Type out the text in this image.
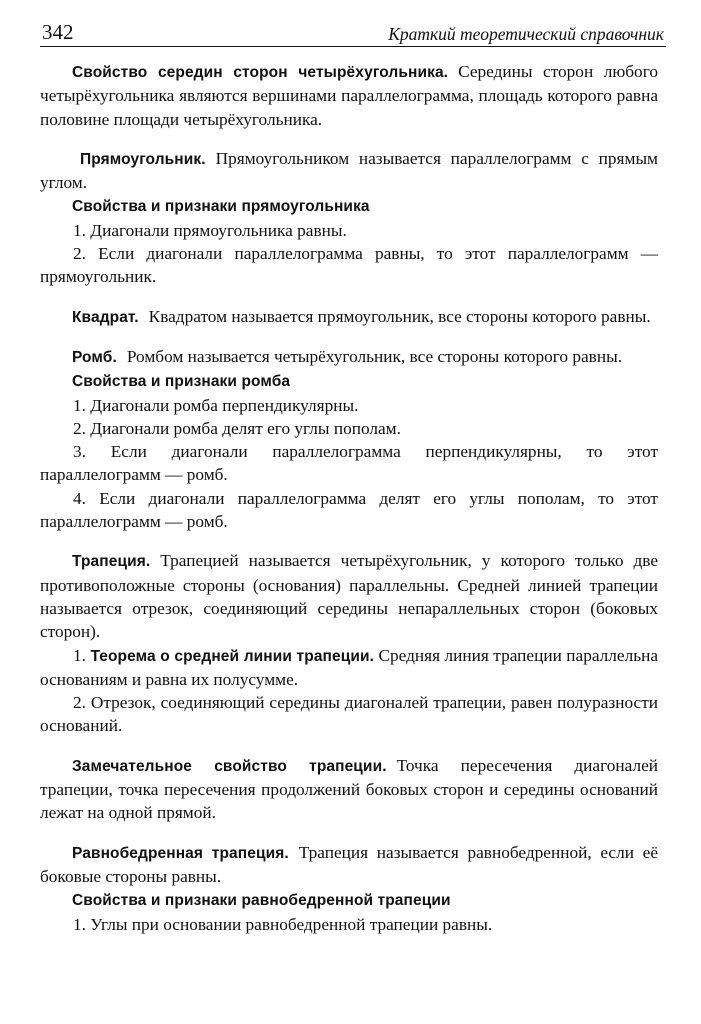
342	Краткий теоретический справочник

Свойство середин сторон четырёхугольника. Середины сторон любого четырёхугольника являются вершинами параллелограмма, площадь которого равна половине площади четырёхугольника.

Прямоугольник. Прямоугольником называется параллелограмм с прямым углом.

Свойства и признаки прямоугольника

1. Диагонали прямоугольника равны.

2. Если диагонали параллелограмма равны, то этот параллелограмм — прямоугольник.

Квадрат. Квадратом называется прямоугольник, все стороны которого равны.

Ромб. Ромбом называется четырёхугольник, все стороны которого равны.

Свойства и признаки ромба

1. Диагонали ромба перпендикулярны.

2. Диагонали ромба делят его углы пополам.

3. Если диагонали параллелограмма перпендикулярны, то этот параллелограмм — ромб.

4. Если диагонали параллелограмма делят его углы пополам, то этот параллелограмм — ромб.

Трапеция. Трапецией называется четырёхугольник, у которого только две противоположные стороны (основания) параллельны. Средней линией трапеции называется отрезок, соединяющий середины непараллельных сторон (боковых сторон).

1. Теорема о средней линии трапеции. Средняя линия трапеции параллельна основаниям и равна их полусумме.

2. Отрезок, соединяющий середины диагоналей трапеции, равен полуразности оснований.

Замечательное свойство трапеции. Точка пересечения диагоналей трапеции, точка пересечения продолжений боковых сторон и середины оснований лежат на одной прямой.

Равнобедренная трапеция. Трапеция называется равнобедренной, если её боковые стороны равны.

Свойства и признаки равнобедренной трапеции

1. Углы при основании равнобедренной трапеции равны.
